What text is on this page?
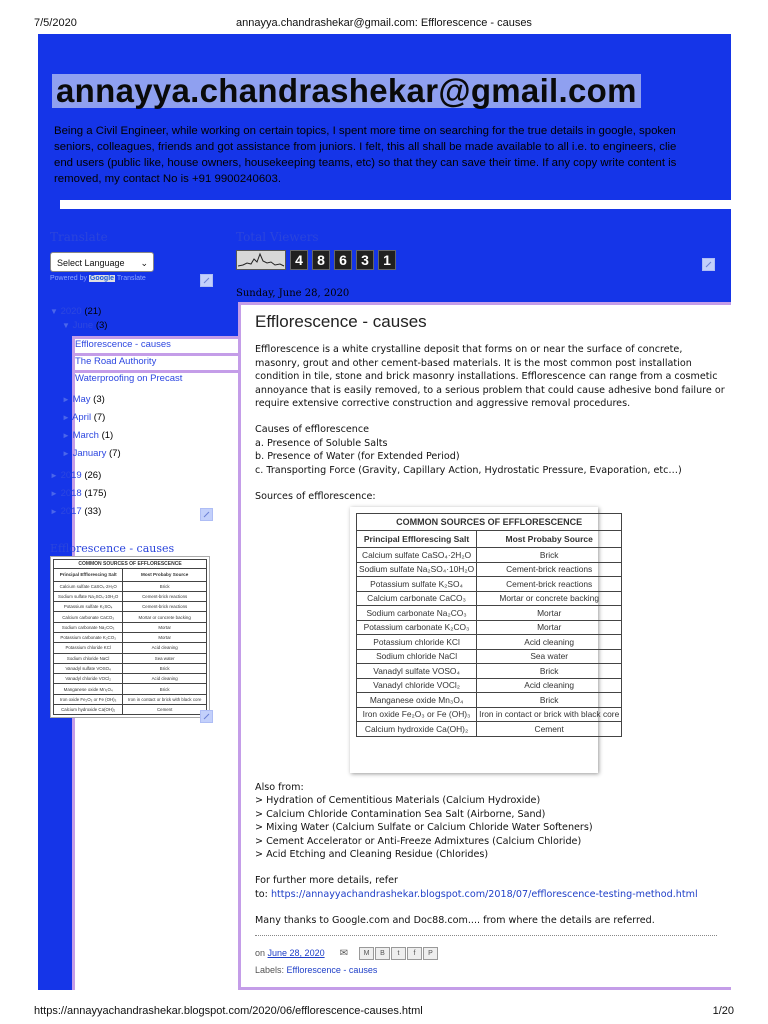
7/5/2020	annayya.chandrashekar@gmail.com: Efflorescence - causes
annayya.chandrashekar@gmail.com
Being a Civil Engineer, while working on certain topics, I spent more time on searching for the true details in google, spoken
seniors, colleagues, friends and got assistance from juniors. I felt, this all shall be made available to all i.e. to engineers, clie
end users (public like, house owners, housekeeping teams, etc) so that they can save their time. If any copy write content is
removed, my contact No is +91 9900240603.
Translate
Select Language ⌄
Powered by Google Translate
▼ 2020 (21)
▼ June (3)
Efflorescence - causes
The Road Authority
Waterproofing on Precast
► May (3)
► April (7)
► March (1)
► January (7)
► 2019 (26)
► 2018 (175)
► 2017 (33)
Efflorescence - causes
COMMON SOURCES OF EFFLORESCENCE
Principal Efflorescing Salt	Most Probaby Source
Calcium sulfate CaSO₄·2H₂O	Brick
Sodium sulfate Na₂SO₄·10H₂O	Cement-brick reactions
Potassium sulfate K₂SO₄	Cement-brick reactions
Calcium carbonate CaCO₃	Mortar or concrete backing
Sodium carbonate Na₂CO₃	Mortar
Potassium carbonate K₂CO₃	Mortar
Potassium chloride KCl	Acid cleaning
Sodium chloride NaCl	Sea water
Vanadyl sulfate VOSO₄	Brick
Vanadyl chloride VOCl₂	Acid cleaning
Manganese oxide Mn₃O₄	Brick
Iron oxide Fe₂O₃ or Fe (OH)₃	Iron in contact or brick with black core
Calcium hydroxide Ca(OH)₂	Cement
Total Viewers
4 8 6 3 1
Sunday, June 28, 2020
Efflorescence - causes
Efflorescence is a white crystalline deposit that forms on or near the surface of concrete,
masonry, grout and other cement-based materials. It is the most common post installation
condition in tile, stone and brick masonry installations. Efflorescence can range from a cosmetic
annoyance that is easily removed, to a serious problem that could cause adhesive bond failure or
require extensive corrective construction and aggressive removal procedures.
Causes of efflorescence
a. Presence of Soluble Salts
b. Presence of Water (for Extended Period)
c. Transporting Force (Gravity, Capillary Action, Hydrostatic Pressure, Evaporation, etc…)
Sources of efflorescence:
COMMON SOURCES OF EFFLORESCENCE
Principal Efflorescing Salt	Most Probaby Source
Calcium sulfate CaSO₄·2H₂O	Brick
Sodium sulfate Na₂SO₄·10H₂O	Cement-brick reactions
Potassium sulfate K₂SO₄	Cement-brick reactions
Calcium carbonate CaCO₃	Mortar or concrete backing
Sodium carbonate Na₂CO₃	Mortar
Potassium carbonate K₂CO₃	Mortar
Potassium chloride KCl	Acid cleaning
Sodium chloride NaCl	Sea water
Vanadyl sulfate VOSO₄	Brick
Vanadyl chloride VOCl₂	Acid cleaning
Manganese oxide Mn₃O₄	Brick
Iron oxide Fe₂O₃ or Fe (OH)₃	Iron in contact or brick with black core
Calcium hydroxide Ca(OH)₂	Cement
Also from:
> Hydration of Cementitious Materials (Calcium Hydroxide)
> Calcium Chloride Contamination Sea Salt (Airborne, Sand)
> Mixing Water (Calcium Sulfate or Calcium Chloride Water Softeners)
> Cement Accelerator or Anti-Freeze Admixtures (Calcium Chloride)
> Acid Etching and Cleaning Residue (Chlorides)
For further more details, refer
to: https://annayyachandrashekar.blogspot.com/2018/07/efflorescence-testing-method.html
Many thanks to Google.com and Doc88.com.... from where the details are referred.
on June 28, 2020 ✉ M B t f P
Labels: Efflorescence - causes
https://annayyachandrashekar.blogspot.com/2020/06/efflorescence-causes.html	1/20
